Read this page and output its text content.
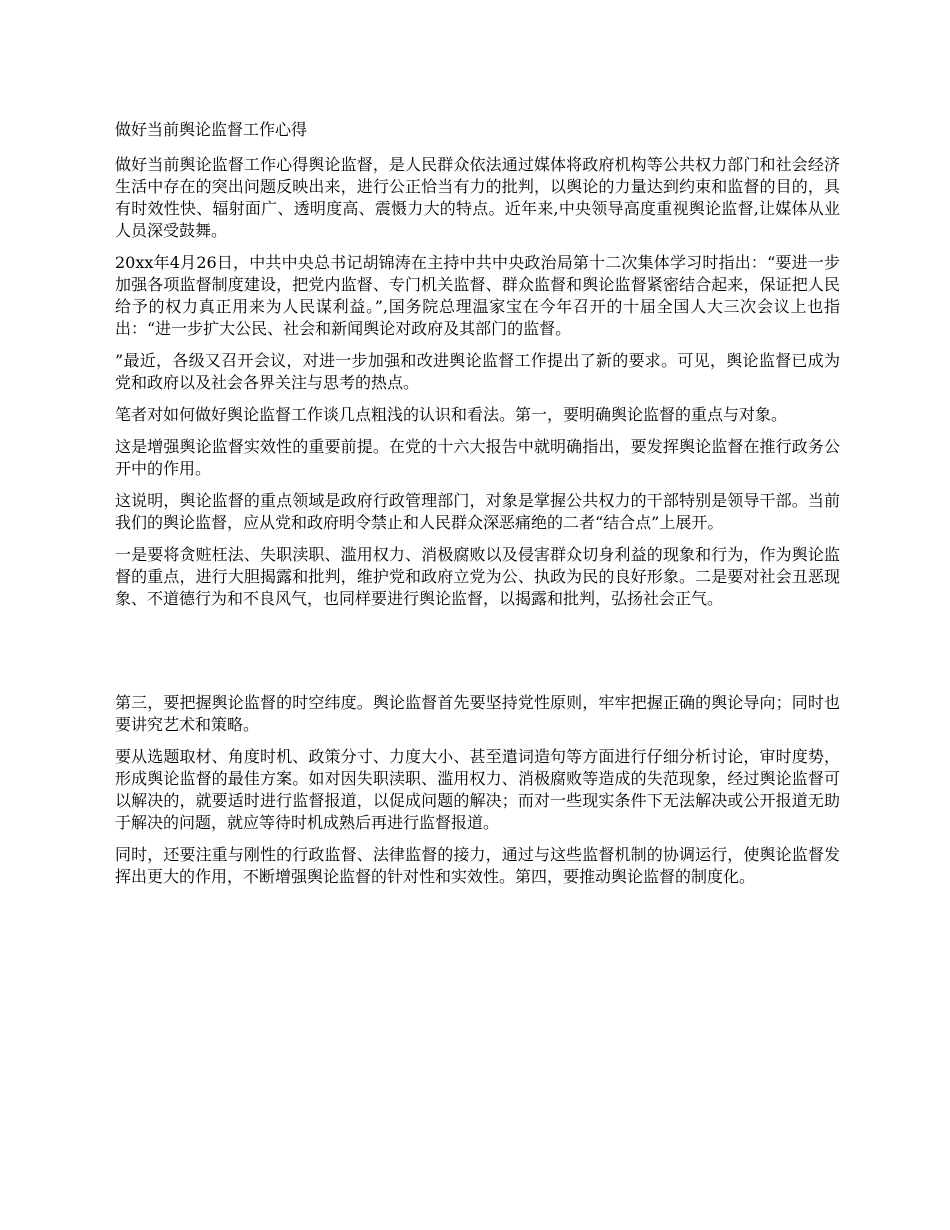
做好当前舆论监督工作心得

做好当前舆论监督工作心得舆论监督，是人民群众依法通过媒体将政府机构等公共权力部门和社会经济生活中存在的突出问题反映出来，进行公正恰当有力的批判，以舆论的力量达到约束和监督的目的，具有时效性快、辐射面广、透明度高、震慑力大的特点。近年来,中央领导高度重视舆论监督,让媒体从业人员深受鼓舞。

20xx年4月26日，中共中央总书记胡锦涛在主持中共中央政治局第十二次集体学习时指出：“要进一步加强各项监督制度建设，把党内监督、专门机关监督、群众监督和舆论监督紧密结合起来，保证把人民给予的权力真正用来为人民谋利益。”,国务院总理温家宝在今年召开的十届全国人大三次会议上也指出：“进一步扩大公民、社会和新闻舆论对政府及其部门的监督。

”最近，各级又召开会议，对进一步加强和改进舆论监督工作提出了新的要求。可见，舆论监督已成为党和政府以及社会各界关注与思考的热点。

笔者对如何做好舆论监督工作谈几点粗浅的认识和看法。第一，要明确舆论监督的重点与对象。

这是增强舆论监督实效性的重要前提。在党的十六大报告中就明确指出，要发挥舆论监督在推行政务公开中的作用。

这说明，舆论监督的重点领域是政府行政管理部门，对象是掌握公共权力的干部特别是领导干部。当前我们的舆论监督，应从党和政府明令禁止和人民群众深恶痛绝的二者“结合点”上展开。

一是要将贪赃枉法、失职渎职、滥用权力、消极腐败以及侵害群众切身利益的现象和行为，作为舆论监督的重点，进行大胆揭露和批判，维护党和政府立党为公、执政为民的良好形象。二是要对社会丑恶现象、不道德行为和不良风气，也同样要进行舆论监督，以揭露和批判，弘扬社会正气。

第三，要把握舆论监督的时空纬度。舆论监督首先要坚持党性原则，牢牢把握正确的舆论导向；同时也要讲究艺术和策略。

要从选题取材、角度时机、政策分寸、力度大小、甚至遣词造句等方面进行仔细分析讨论，审时度势，形成舆论监督的最佳方案。如对因失职渎职、滥用权力、消极腐败等造成的失范现象，经过舆论监督可以解决的，就要适时进行监督报道，以促成问题的解决；而对一些现实条件下无法解决或公开报道无助于解决的问题，就应等待时机成熟后再进行监督报道。

同时，还要注重与刚性的行政监督、法律监督的接力，通过与这些监督机制的协调运行，使舆论监督发挥出更大的作用，不断增强舆论监督的针对性和实效性。第四，要推动舆论监督的制度化。
